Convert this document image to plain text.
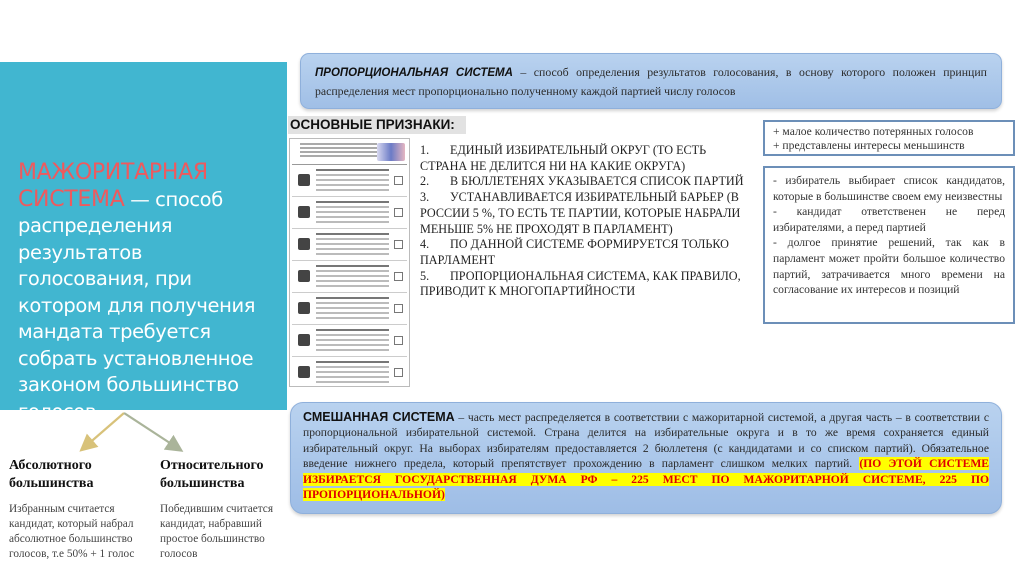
МАЖОРИТАРНАЯ СИСТЕМА — способ распределения результатов голосования, при котором для получения мандата требуется собрать установленное законом большинство голосов.
Абсолютного большинства

Избранным считается кандидат, который набрал абсолютное большинство голосов, т.е 50% + 1 голос

Относительного большинства

Победившим считается кандидат, набравший простое большинство голосов

ПРОПОРЦИОНАЛЬНАЯ СИСТЕМА – способ определения результатов голосования, в основу которого положен принцип распределения мест пропорционально полученному каждой партией числу голосов
ОСНОВНЫЕ ПРИЗНАКИ:
1. ЕДИНЫЙ ИЗБИРАТЕЛЬНЫЙ ОКРУГ (ТО ЕСТЬ СТРАНА НЕ ДЕЛИТСЯ НИ НА КАКИЕ ОКРУГА)
2. В БЮЛЛЕТЕНЯХ УКАЗЫВАЕТСЯ СПИСОК ПАРТИЙ
3. УСТАНАВЛИВАЕТСЯ ИЗБИРАТЕЛЬНЫЙ БАРЬЕР (В РОССИИ 5 %, ТО ЕСТЬ ТЕ ПАРТИИ, КОТОРЫЕ НАБРАЛИ МЕНЬШЕ 5% НЕ ПРОХОДЯТ В ПАРЛАМЕНТ)
4. ПО ДАННОЙ СИСТЕМЕ ФОРМИРУЕТСЯ ТОЛЬКО ПАРЛАМЕНТ
5. ПРОПОРЦИОНАЛЬНАЯ СИСТЕМА, КАК ПРАВИЛО, ПРИВОДИТ К МНОГОПАРТИЙНОСТИ
+ малое количество потерянных голосов
+ представлены интересы меньшинств
- избиратель выбирает список кандидатов, которые в большинстве своем ему неизвестны
- кандидат ответственен не перед избирателями, а перед партией
- долгое принятие решений, так как в парламент может пройти большое количество партий, затрачивается много времени на согласование их интересов и позиций
СМЕШАННАЯ СИСТЕМА – часть мест распределяется в соответствии с мажоритарной системой, а другая часть – в соответствии с пропорциональной избирательной системой. Страна делится на избирательные округа и в то же время сохраняется единый избирательный округ. На выборах избирателям предоставляется 2 бюллетеня (с кандидатами и со списком партий). Обязательное введение нижнего предела, который препятствует прохождению в парламент слишком мелких партий. (ПО ЭТОЙ СИСТЕМЕ ИЗБИРАЕТСЯ ГОСУДАРСТВЕННАЯ ДУМА РФ – 225 МЕСТ ПО МАЖОРИТАРНОЙ СИСТЕМЕ, 225 ПО ПРОПОРЦИОНАЛЬНОЙ)
